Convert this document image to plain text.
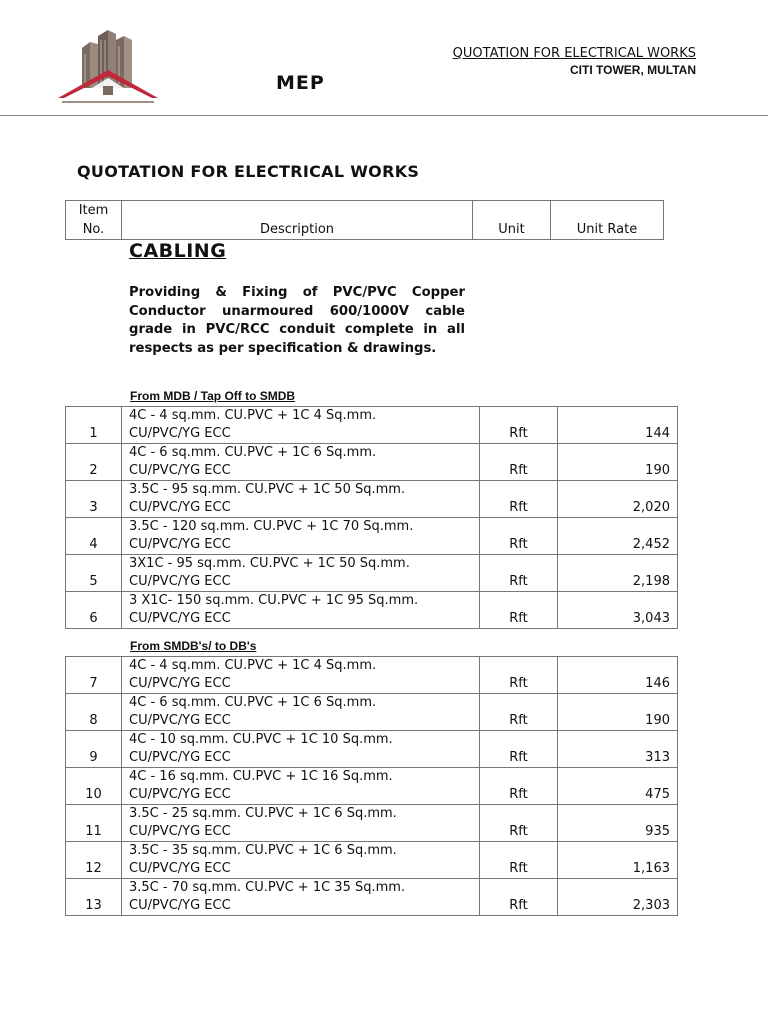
MEP
QUOTATION FOR ELECTRICAL WORKS
CITI TOWER, MULTAN
QUOTATION FOR ELECTRICAL WORKS
Item
No.	Description	Unit	Unit Rate
CABLING
Providing & Fixing of PVC/PVC Copper Conductor unarmoured 600/1000V cable grade in PVC/RCC conduit complete in all respects as per specification & drawings.
From MDB / Tap Off to SMDB
1	4C - 4 sq.mm. CU.PVC + 1C 4 Sq.mm.
CU/PVC/YG ECC	Rft	144
2	4C - 6 sq.mm. CU.PVC + 1C 6 Sq.mm.
CU/PVC/YG ECC	Rft	190
3	3.5C - 95 sq.mm. CU.PVC + 1C 50 Sq.mm.
CU/PVC/YG ECC	Rft	2,020
4	3.5C - 120 sq.mm. CU.PVC + 1C 70 Sq.mm.
CU/PVC/YG ECC	Rft	2,452
5	3X1C - 95 sq.mm. CU.PVC + 1C 50 Sq.mm.
CU/PVC/YG ECC	Rft	2,198
6	3 X1C- 150 sq.mm. CU.PVC + 1C 95 Sq.mm.
CU/PVC/YG ECC	Rft	3,043
From SMDB's/ to DB's
7	4C - 4 sq.mm. CU.PVC + 1C 4 Sq.mm.
CU/PVC/YG ECC	Rft	146
8	4C - 6 sq.mm. CU.PVC + 1C 6 Sq.mm.
CU/PVC/YG ECC	Rft	190
9	4C - 10 sq.mm. CU.PVC + 1C 10 Sq.mm.
CU/PVC/YG ECC	Rft	313
10	4C - 16 sq.mm. CU.PVC + 1C 16 Sq.mm.
CU/PVC/YG ECC	Rft	475
11	3.5C - 25 sq.mm. CU.PVC + 1C 6 Sq.mm.
CU/PVC/YG ECC	Rft	935
12	3.5C - 35 sq.mm. CU.PVC + 1C 6 Sq.mm.
CU/PVC/YG ECC	Rft	1,163
13	3.5C - 70 sq.mm. CU.PVC + 1C 35 Sq.mm.
CU/PVC/YG ECC	Rft	2,303
